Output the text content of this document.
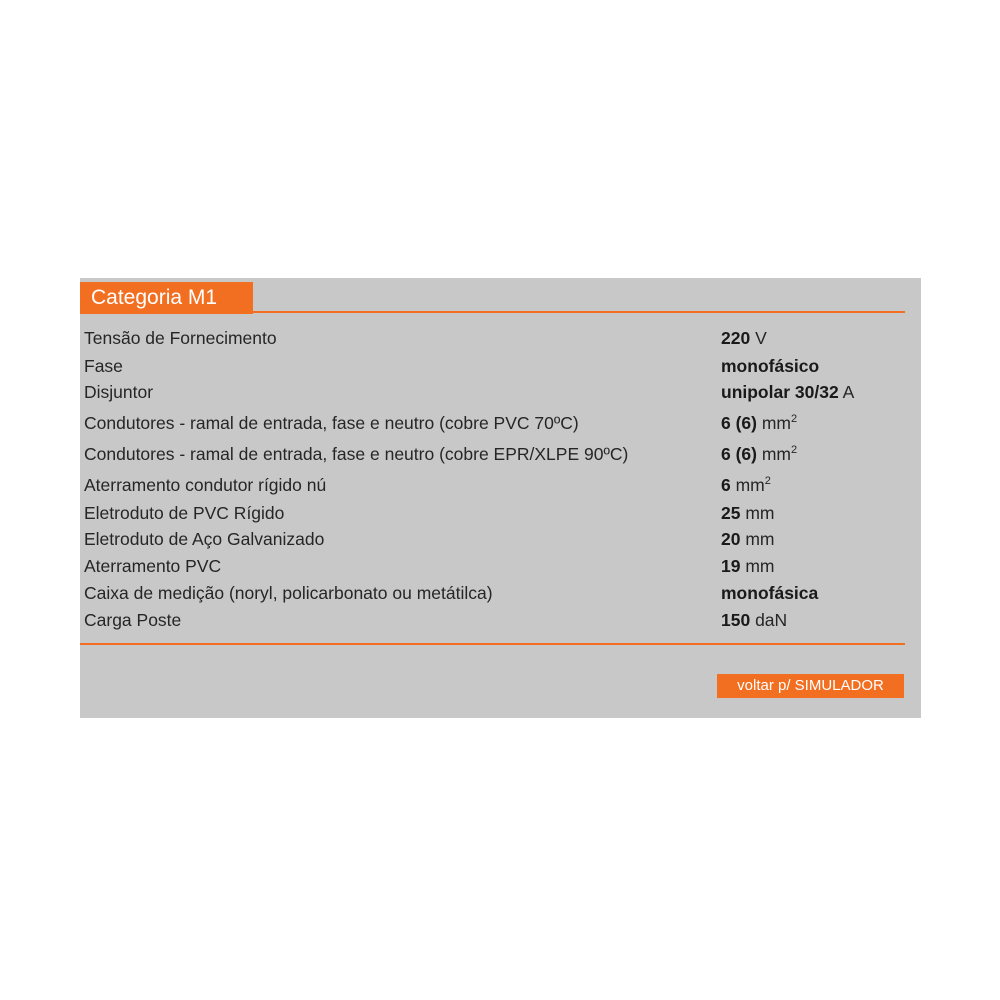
Categoria M1
Tensão de Fornecimento	220 V
Fase	monofásico
Disjuntor	unipolar 30/32 A
Condutores - ramal de entrada, fase e neutro (cobre PVC 70ºC)	6 (6) $mm^2$
Condutores - ramal de entrada, fase e neutro (cobre EPR/XLPE 90ºC)	6 (6) $mm^2$
Aterramento condutor rígido nú	6 $mm^2$
Eletroduto de PVC Rígido	25 mm
Eletroduto de Aço Galvanizado	20 mm
Aterramento PVC	19 mm
Caixa de medição (noryl, policarbonato ou metátilca)	monofásica
Carga Poste	150 daN
voltar p/ SIMULADOR
